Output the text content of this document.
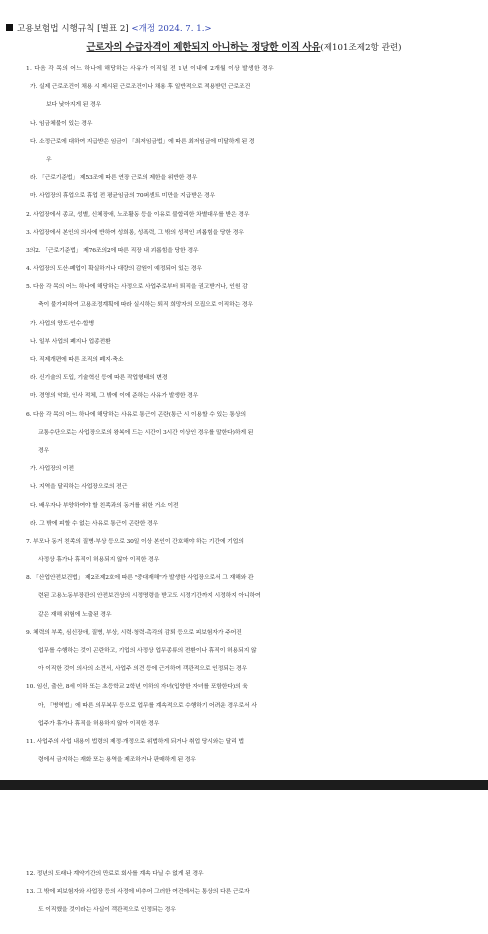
고용보험법 시행규칙 [별표 2] <개정 2024. 7. 1.>
근로자의 수급자격이 제한되지 아니하는 정당한 이직 사유(제101조제2항 관련)
1. 다음 각 목의 어느 하나에 해당하는 사유가 이직일 전 1년 이내에 2개월 이상 발생한 경우
가. 실제 근로조건이 채용 시 제시된 근로조건이나 채용 후 일반적으로 적용받던 근로조건
보다 낮아지게 된 경우
나. 임금체불이 있는 경우
다. 소정근로에 대하여 지급받은 임금이 「최저임금법」에 따른 최저임금에 미달하게 된 경
우
라. 「근로기준법」 제53조에 따른 연장 근로의 제한을 위반한 경우
마. 사업장의 휴업으로 휴업 전 평균임금의 70퍼센트 미만을 지급받은 경우
2. 사업장에서 종교, 성별, 신체장애, 노조활동 등을 이유로 불합리한 차별대우를 받은 경우
3. 사업장에서 본인의 의사에 반하여 성희롱, 성폭력, 그 밖의 성적인 괴롭힘을 당한 경우
3의2. 「근로기준법」 제76조의2에 따른 직장 내 괴롭힘을 당한 경우
4. 사업장의 도산·폐업이 확실하거나 대량의 감원이 예정되어 있는 경우
5. 다음 각 목의 어느 하나에 해당하는 사정으로 사업주로부터 퇴직을 권고받거나, 인원 감
축이 불가피하여 고용조정계획에 따라 실시하는 퇴직 희망자의 모집으로 이직하는 경우
가. 사업의 양도·인수·합병
나. 일부 사업의 폐지나 업종전환
다. 직제개편에 따른 조직의 폐지·축소
라. 신기술의 도입, 기술혁신 등에 따른 작업형태의 변경
마. 경영의 악화, 인사 적체, 그 밖에 이에 준하는 사유가 발생한 경우
6. 다음 각 목의 어느 하나에 해당하는 사유로 통근이 곤란(통근 시 이용할 수 있는 통상의
교통수단으로는 사업장으로의 왕복에 드는 시간이 3시간 이상인 경우를 말한다)하게 된
경우
가. 사업장의 이전
나. 지역을 달리하는 사업장으로의 전근
다. 배우자나 부양하여야 할 친족과의 동거를 위한 거소 이전
라. 그 밖에 피할 수 없는 사유로 통근이 곤란한 경우
7. 부모나 동거 친족의 질병·부상 등으로 30일 이상 본인이 간호해야 하는 기간에 기업의
사정상 휴가나 휴직이 허용되지 않아 이직한 경우
8. 「산업안전보건법」 제2조제2호에 따른 "중대재해"가 발생한 사업장으로서 그 재해와 관
련된 고용노동부장관의 안전보건상의 시정명령을 받고도 시정기간까지 시정하지 아니하여
같은 재해 위험에 노출된 경우
9. 체력의 부족, 심신장애, 질병, 부상, 시력·청력·촉각의 감퇴 등으로 피보험자가 주어진
업무를 수행하는 것이 곤란하고, 기업의 사정상 업무종류의 전환이나 휴직이 허용되지 않
아 이직한 것이 의사의 소견서, 사업주 의견 등에 근거하여 객관적으로 인정되는 경우
10. 임신, 출산, 8세 이하 또는 초등학교 2학년 이하의 자녀(입양한 자녀를 포함한다)의 육
아, 「병역법」에 따른 의무복무 등으로 업무를 계속적으로 수행하기 어려운 경우로서 사
업주가 휴가나 휴직을 허용하지 않아 이직한 경우
11. 사업주의 사업 내용이 법령의 제정·개정으로 위법하게 되거나 취업 당시와는 달리 법
령에서 금지하는 재화 또는 용역을 제조하거나 판매하게 된 경우
12. 정년의 도래나 계약기간의 만료로 회사를 계속 다닐 수 없게 된 경우
13. 그 밖에 피보험자와 사업장 등의 사정에 비추어 그러한 여건에서는 통상의 다른 근로자
도 이직했을 것이라는 사실이 객관적으로 인정되는 경우
